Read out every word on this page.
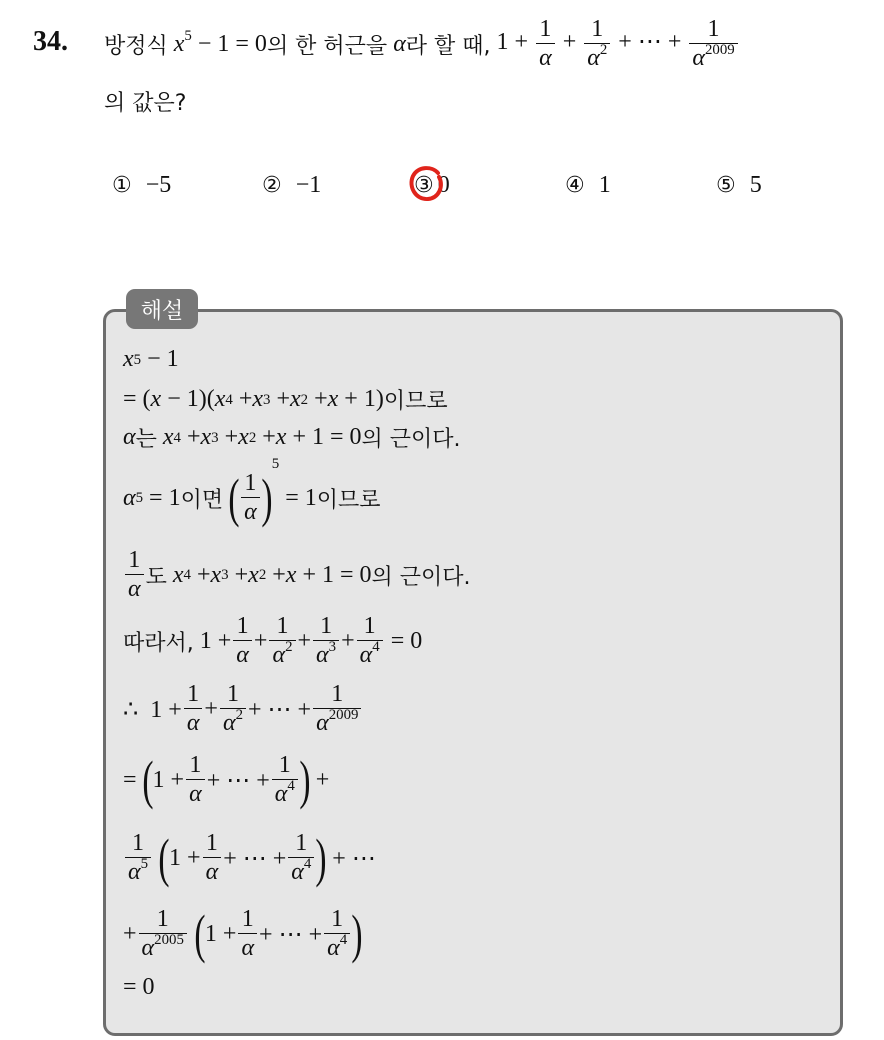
34. 방정식 $x^5 - 1 = 0$ 의 한 허근을 α 라 할 때, $1 + \frac{1}{\alpha} + \frac{1}{\alpha^2}$ + ⋯ + $\frac{1}{\alpha^{2009}}$
의 값은?
① −5	② −1	③ 0	④ 1	⑤ 5
해설
x 5 − 1
= ( x − 1)( x 4 + x 3 + x 2 + x + 1) 이므로
α 는
x 4 + x 3 + x 2 + x + 1 = 0 의 근이다.
α 5 = 1 이면
( $\frac{1}{\alpha}$ )
5
= 1 이므로
$\frac{1}{\alpha}$ 도
x 4 + x 3 + x 2 + x + 1 = 0 의 근이다.
따라서, $1 + \frac{1}{\alpha} + \frac{1}{\alpha^2} + \frac{1}{\alpha^3} + \frac{1}{\alpha^4} = 0$
∴  $1 + \frac{1}{\alpha} + \frac{1}{\alpha^2}$ + ⋯ + $\frac{1}{\alpha^{2009}}$
= ( $1 + \frac{1}{\alpha}$ + ⋯ + $\frac{1}{\alpha^4}$ ) +
$\frac{1}{\alpha^5}$
( $1 + \frac{1}{\alpha}$ + ⋯ + $\frac{1}{\alpha^4}$ ) + ⋯
+ $\frac{1}{\alpha^{2005}}$
( $1 + \frac{1}{\alpha}$ + ⋯ + $\frac{1}{\alpha^4}$ )
= 0
